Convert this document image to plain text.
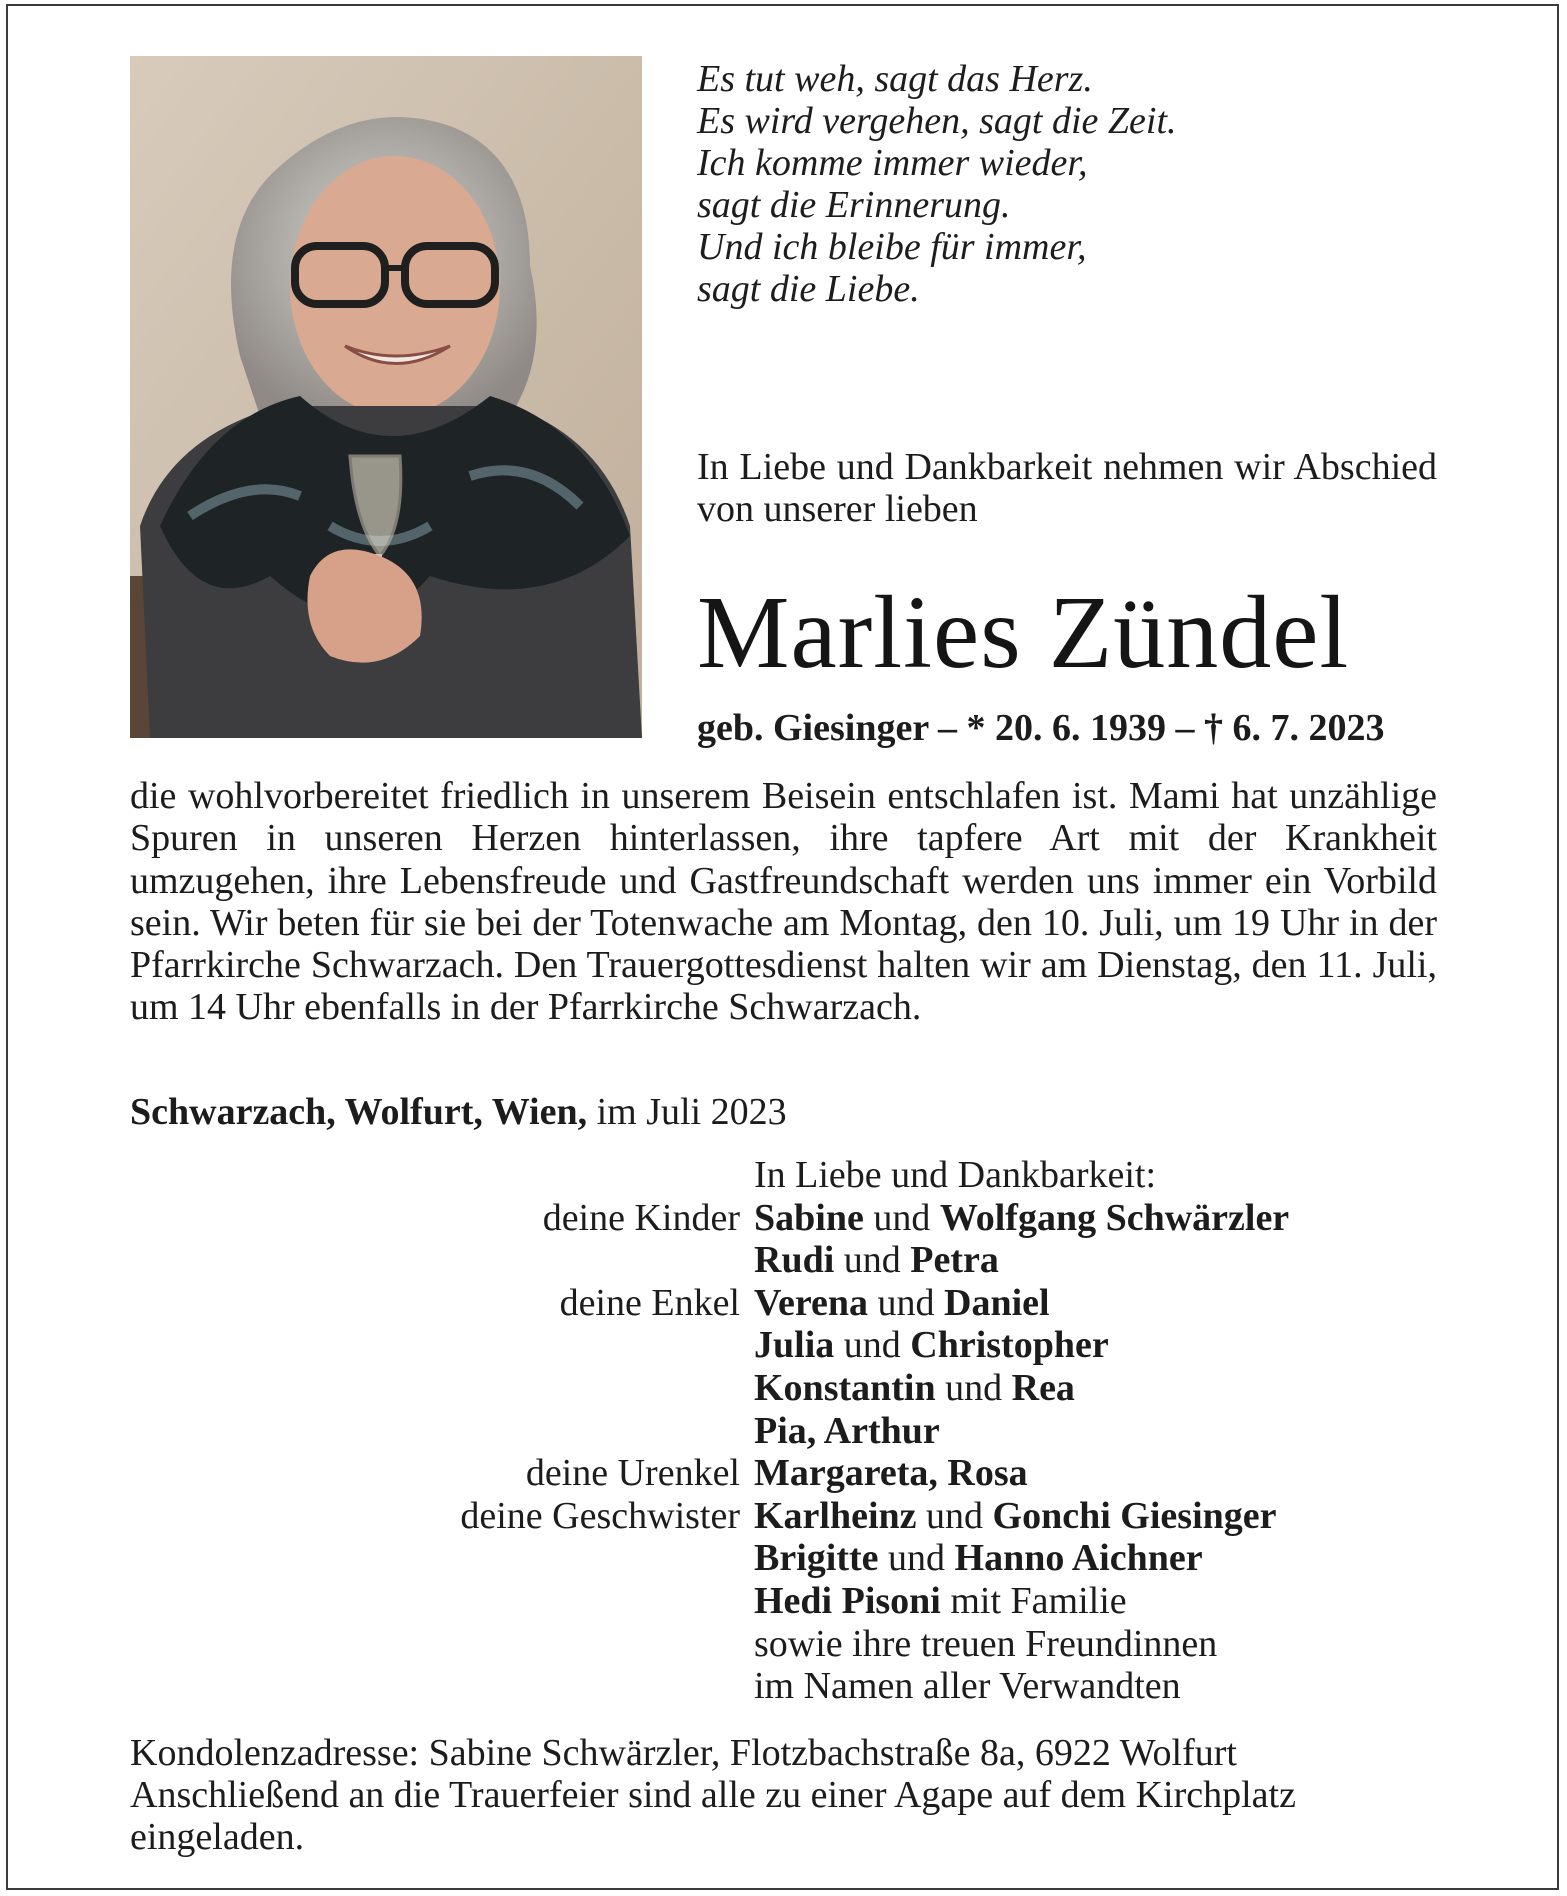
Es tut weh, sagt das Herz.
Es wird vergehen, sagt die Zeit.
Ich komme immer wieder,
sagt die Erinnerung.
Und ich bleibe für immer,
sagt die Liebe.
In Liebe und Dankbarkeit nehmen wir Abschied von unserer lieben
Marlies Zündel
geb. Giesinger – * 20. 6. 1939 – † 6. 7. 2023
die wohlvorbereitet friedlich in unserem Beisein entschlafen ist. Mami hat unzählige Spuren in unseren Herzen hinterlassen, ihre tapfere Art mit der Krankheit umzugehen, ihre Lebensfreude und Gastfreundschaft werden uns immer ein Vorbild sein. Wir beten für sie bei der Totenwache am Montag, den 10. Juli, um 19 Uhr in der Pfarrkirche Schwarzach. Den Trauergottesdienst halten wir am Dienstag, den 11. Juli, um 14 Uhr ebenfalls in der Pfarrkirche Schwarzach.
Schwarzach, Wolfurt, Wien, im Juli 2023
In Liebe und Dankbarkeit:
deine Kinder Sabine und Wolfgang Schwärzler
Rudi und Petra
deine Enkel Verena und Daniel
Julia und Christopher
Konstantin und Rea
Pia, Arthur
deine Urenkel Margareta, Rosa
deine Geschwister Karlheinz und Gonchi Giesinger
Brigitte und Hanno Aichner
Hedi Pisoni mit Familie
sowie ihre treuen Freundinnen
im Namen aller Verwandten
Kondolenzadresse: Sabine Schwärzler, Flotzbachstraße 8a, 6922 Wolfurt
Anschließend an die Trauerfeier sind alle zu einer Agape auf dem Kirchplatz eingeladen.
